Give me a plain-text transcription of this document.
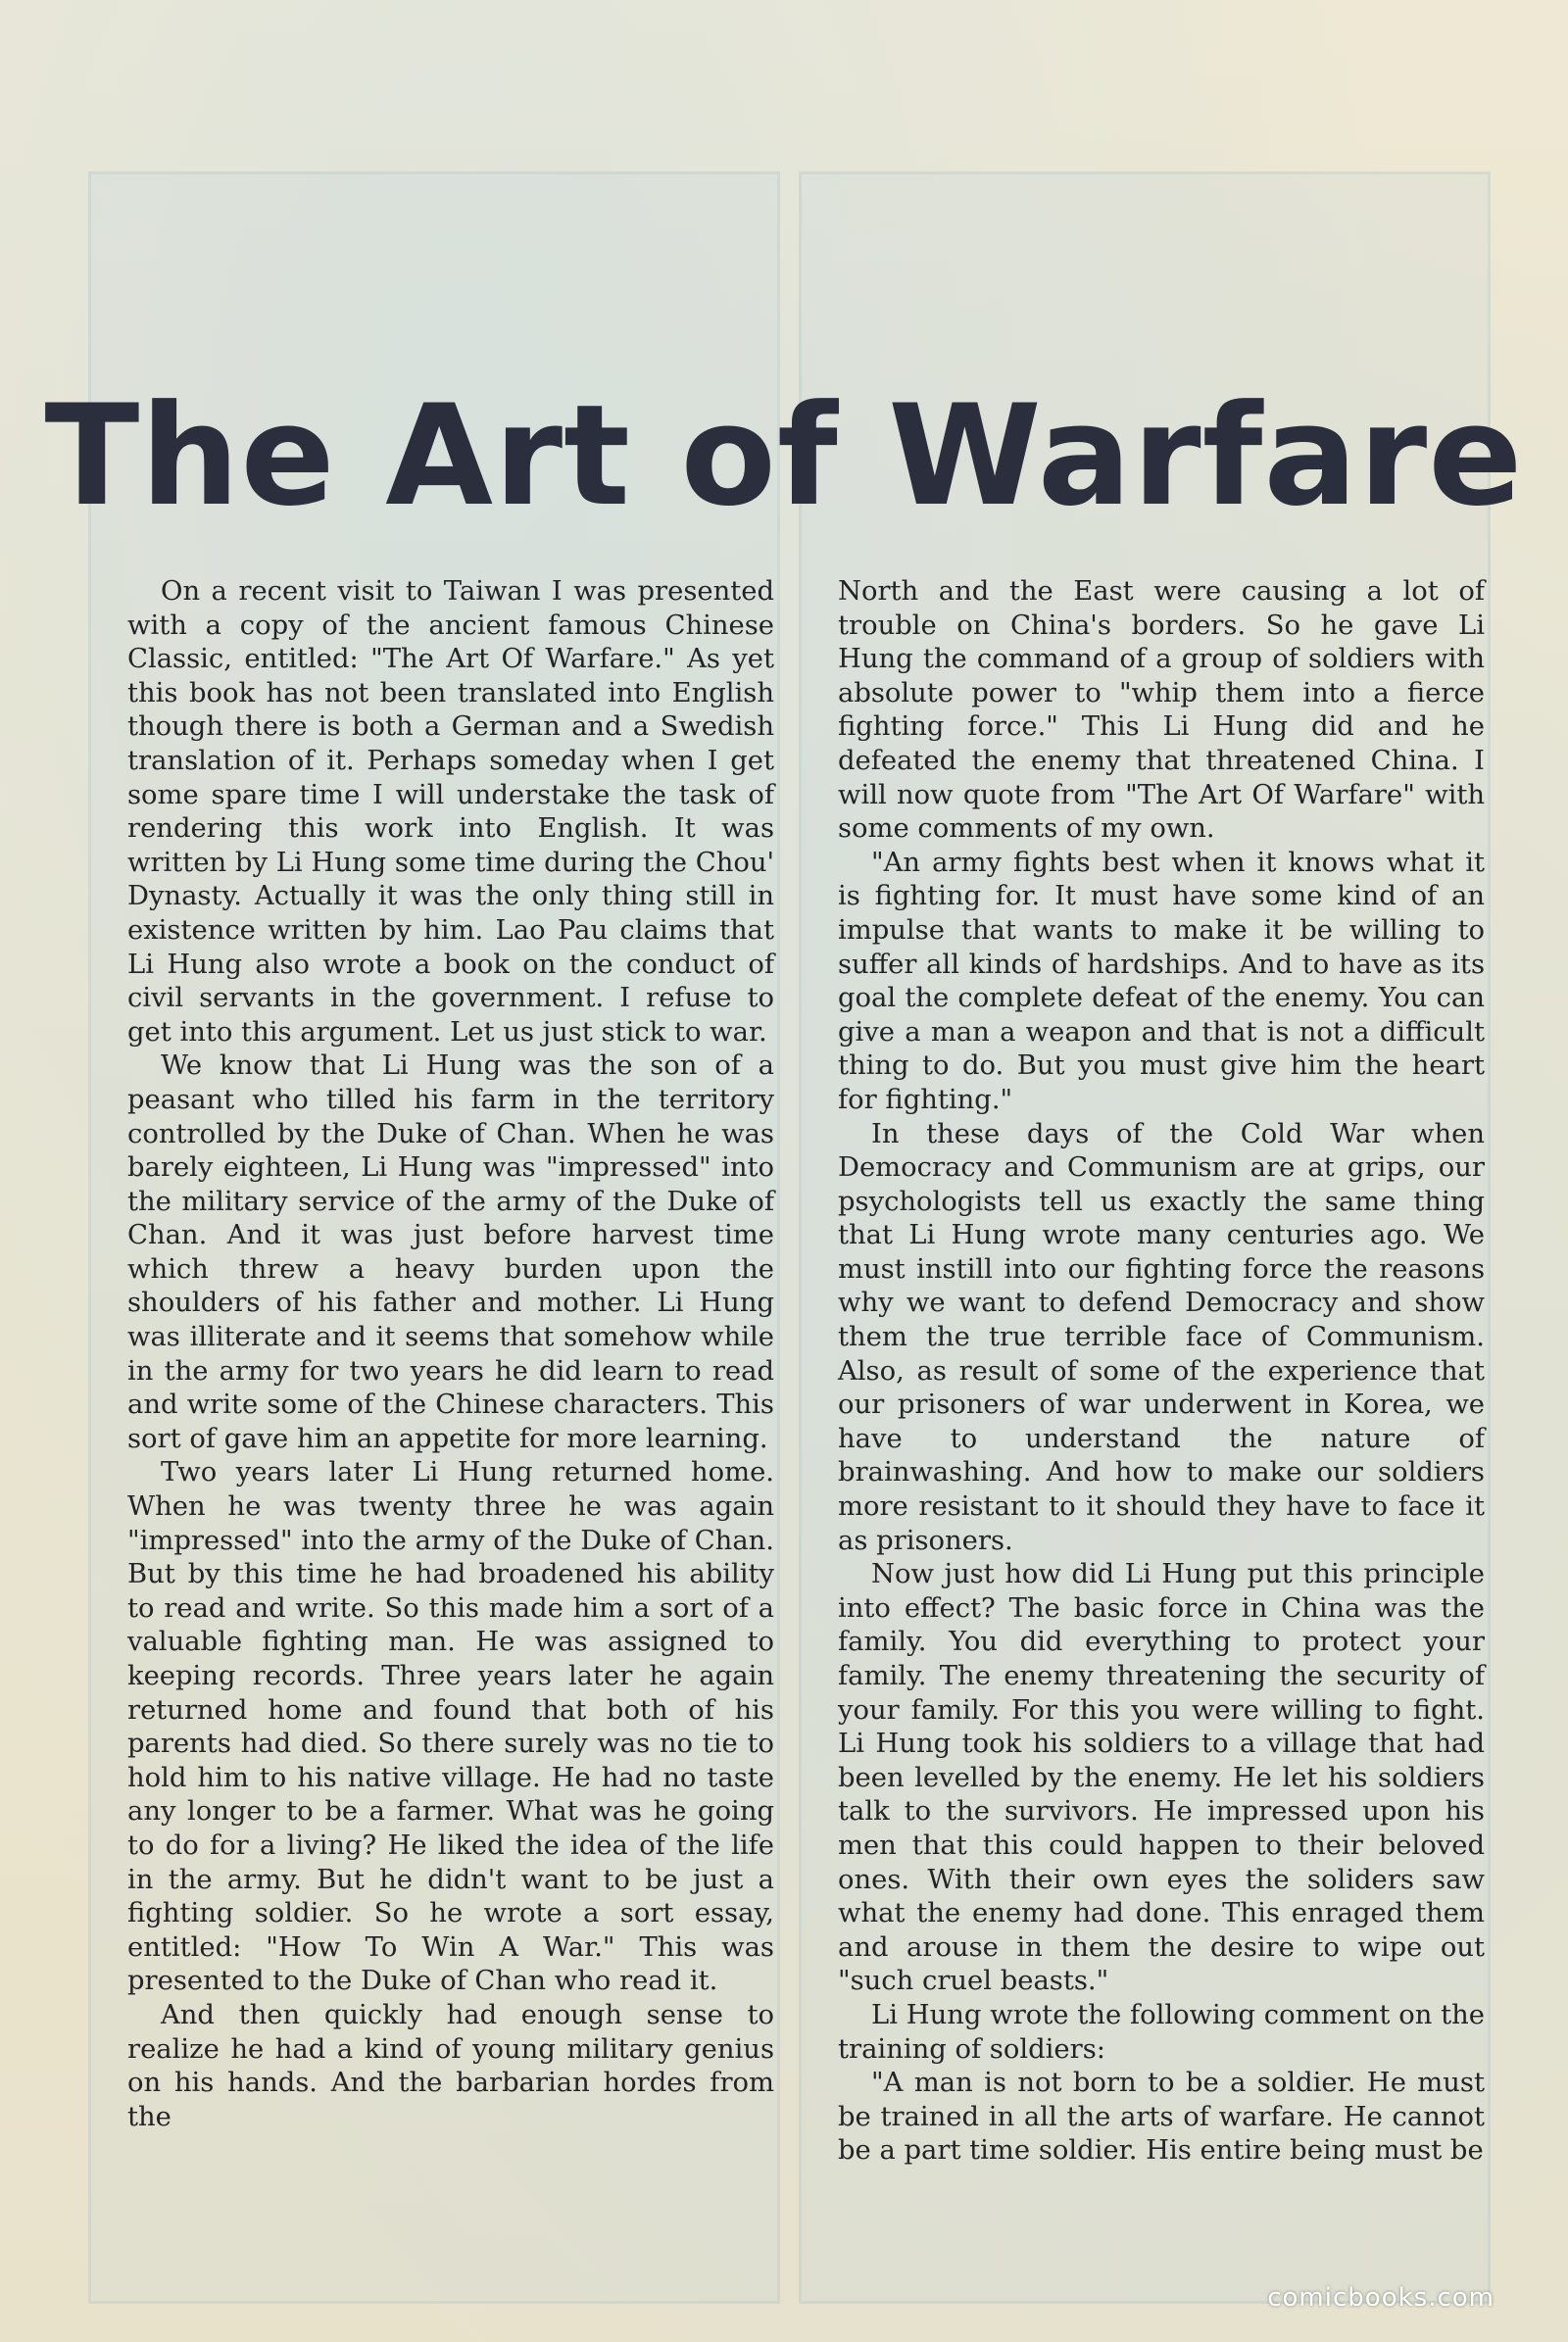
The Art of Warfare

On a recent visit to Taiwan I was presented with a copy of the ancient famous Chinese Classic, entitled: "The Art Of Warfare." As yet this book has not been translated into English though there is both a German and a Swedish translation of it. Perhaps someday when I get some spare time I will understake the task of rendering this work into English. It was written by Li Hung some time during the Chou' Dynasty. Actually it was the only thing still in existence written by him. Lao Pau claims that Li Hung also wrote a book on the conduct of civil servants in the government. I refuse to get into this argument. Let us just stick to war.

We know that Li Hung was the son of a peasant who tilled his farm in the territory controlled by the Duke of Chan. When he was barely eighteen, Li Hung was "impressed" into the military service of the army of the Duke of Chan. And it was just before harvest time which threw a heavy burden upon the shoulders of his father and mother. Li Hung was illiterate and it seems that somehow while in the army for two years he did learn to read and write some of the Chinese characters. This sort of gave him an appetite for more learning.

Two years later Li Hung returned home. When he was twenty three he was again "impressed" into the army of the Duke of Chan. But by this time he had broadened his ability to read and write. So this made him a sort of a valuable fighting man. He was assigned to keeping records. Three years later he again returned home and found that both of his parents had died. So there surely was no tie to hold him to his native village. He had no taste any longer to be a farmer. What was he going to do for a living? He liked the idea of the life in the army. But he didn't want to be just a fighting soldier. So he wrote a sort essay, entitled: "How To Win A War." This was presented to the Duke of Chan who read it.

And then quickly had enough sense to realize he had a kind of young military genius on his hands. And the barbarian hordes from the

North and the East were causing a lot of trouble on China's borders. So he gave Li Hung the command of a group of soldiers with absolute power to "whip them into a fierce fighting force." This Li Hung did and he defeated the enemy that threatened China. I will now quote from "The Art Of Warfare" with some comments of my own.

"An army fights best when it knows what it is fighting for. It must have some kind of an impulse that wants to make it be willing to suffer all kinds of hardships. And to have as its goal the complete defeat of the enemy. You can give a man a weapon and that is not a difficult thing to do. But you must give him the heart for fighting."

In these days of the Cold War when Democracy and Communism are at grips, our psychologists tell us exactly the same thing that Li Hung wrote many centuries ago. We must instill into our fighting force the reasons why we want to defend Democracy and show them the true terrible face of Communism. Also, as result of some of the experience that our prisoners of war underwent in Korea, we have to understand the nature of brainwashing. And how to make our soldiers more resistant to it should they have to face it as prisoners.

Now just how did Li Hung put this principle into effect? The basic force in China was the family. You did everything to protect your family. The enemy threatening the security of your family. For this you were willing to fight. Li Hung took his soldiers to a village that had been levelled by the enemy. He let his soldiers talk to the survivors. He impressed upon his men that this could happen to their beloved ones. With their own eyes the soliders saw what the enemy had done. This enraged them and arouse in them the desire to wipe out "such cruel beasts."

Li Hung wrote the following comment on the training of soldiers:

"A man is not born to be a soldier. He must be trained in all the arts of warfare. He cannot be a part time soldier. His entire being must be

comicbooks.com
